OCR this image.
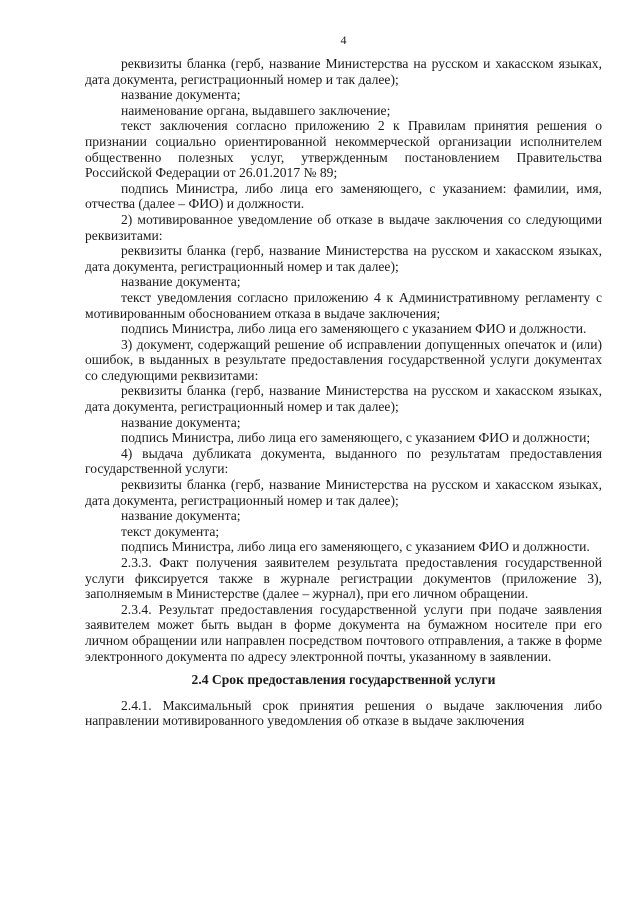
4

реквизиты бланка (герб, название Министерства на русском и хакасском языках, дата документа, регистрационный номер и так далее);

название документа;

наименование органа, выдавшего заключение;

текст заключения согласно приложению 2 к Правилам принятия решения о признании социально ориентированной некоммерческой организации исполнителем общественно полезных услуг, утвержденным постановлением Правительства Российской Федерации от 26.01.2017 № 89;

подпись Министра, либо лица его заменяющего, с указанием: фамилии, имя, отчества (далее – ФИО) и должности.

2) мотивированное уведомление об отказе в выдаче заключения со следующими реквизитами:

реквизиты бланка (герб, название Министерства на русском и хакасском языках, дата документа, регистрационный номер и так далее);

название документа;

текст уведомления согласно приложению 4 к Административному регламенту с мотивированным обоснованием отказа в выдаче заключения;

подпись Министра, либо лица его заменяющего с указанием ФИО и должности.

3) документ, содержащий решение об исправлении допущенных опечаток и (или) ошибок, в выданных в результате предоставления государственной услуги документах со следующими реквизитами:

реквизиты бланка (герб, название Министерства на русском и хакасском языках, дата документа, регистрационный номер и так далее);

название документа;

подпись Министра, либо лица его заменяющего, с указанием ФИО и должности;

4) выдача дубликата документа, выданного по результатам предоставления государственной услуги:

реквизиты бланка (герб, название Министерства на русском и хакасском языках, дата документа, регистрационный номер и так далее);

название документа;

текст документа;

подпись Министра, либо лица его заменяющего, с указанием ФИО и должности.

2.3.3. Факт получения заявителем результата предоставления государственной услуги фиксируется также в журнале регистрации документов (приложение 3), заполняемым в Министерстве (далее – журнал), при его личном обращении.

2.3.4. Результат предоставления государственной услуги при подаче заявления заявителем может быть выдан в форме документа на бумажном носителе при его личном обращении или направлен посредством почтового отправления, а также в форме электронного документа по адресу электронной почты, указанному в заявлении.

2.4 Срок предоставления государственной услуги

2.4.1. Максимальный срок принятия решения о выдаче заключения либо направлении мотивированного уведомления об отказе в выдаче заключения
